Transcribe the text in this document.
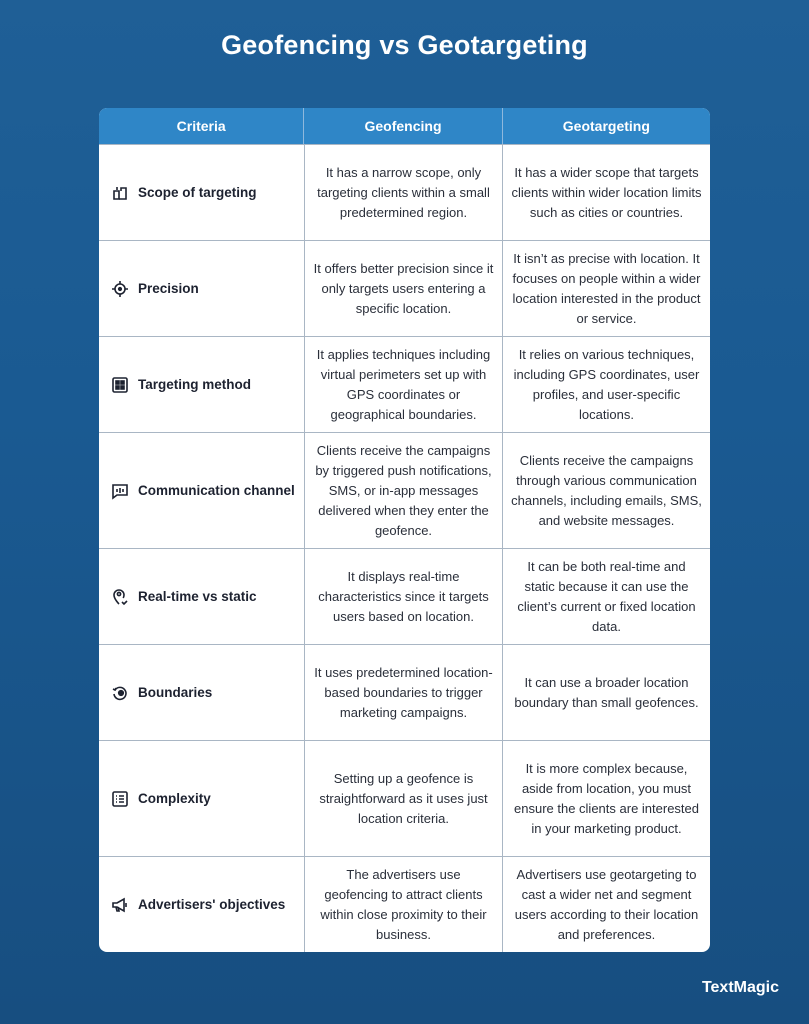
Geofencing vs Geotargeting
Criteria	Geofencing	Geotargeting
Scope of targeting
It has a narrow scope, only targeting clients within a small predetermined region.
It has a wider scope that targets clients within wider location limits such as cities or countries.
Precision
It offers better precision since it only targets users entering a specific location.
It isn’t as precise with location. It focuses on people within a wider location interested in the product or service.
Targeting method
It applies techniques including virtual perimeters set up with GPS coordinates or geographical boundaries.
It relies on various techniques, including GPS coordinates, user profiles, and user-specific locations.
Communication channel
Clients receive the campaigns by triggered push notifications, SMS, or in-app messages delivered when they enter the geofence.
Clients receive the campaigns through various communication channels, including emails, SMS, and website messages.
Real-time vs static
It displays real-time characteristics since it targets users based on location.
It can be both real-time and static because it can use the client’s current or fixed location data.
Boundaries
It uses predetermined location-based boundaries to trigger marketing campaigns.
It can use a broader location boundary than small geofences.
Complexity
Setting up a geofence is straightforward as it uses just location criteria.
It is more complex because, aside from location, you must ensure the clients are interested in your marketing product.
Advertisers' objectives
The advertisers use geofencing to attract clients within close proximity to their business.
Advertisers use geotargeting to cast a wider net and segment users according to their location and preferences.
TextMagic
